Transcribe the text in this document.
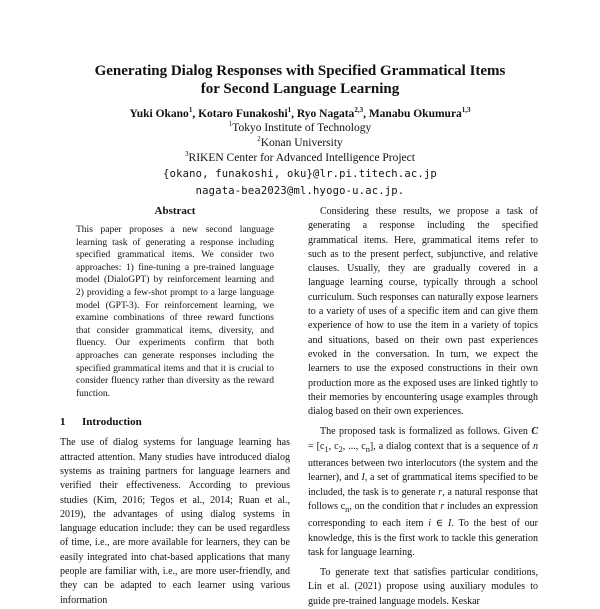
Generating Dialog Responses with Specified Grammatical Items
for Second Language Learning

Yuki Okano$^1$, Kotaro Funakoshi$^1$, Ryo Nagata$^{2,3}$, Manabu Okumura$^{1,3}$
$^1$Tokyo Institute of Technology
$^2$Konan University
$^3$RIKEN Center for Advanced Intelligence Project
{okano, funakoshi, oku}@lr.pi.titech.ac.jp
nagata-bea2023@ml.hyogo-u.ac.jp.

Abstract

This paper proposes a new second language learning task of generating a response including specified grammatical items. We consider two approaches: 1) fine-tuning a pre-trained language model (DialoGPT) by reinforcement learning and 2) providing a few-shot prompt to a large language model (GPT-3). For reinforcement learning, we examine combinations of three reward functions that consider grammatical items, diversity, and fluency. Our experiments confirm that both approaches can generate responses including the specified grammatical items and that it is crucial to consider fluency rather than diversity as the reward function.

1 Introduction

The use of dialog systems for language learning has attracted attention. Many studies have introduced dialog systems as training partners for language learners and verified their effectiveness. According to previous studies (Kim, 2016; Tegos et al., 2014; Ruan et al., 2019), the advantages of using dialog systems in language education include: they can be used regardless of time, i.e., are more available for learners, they can be easily integrated into chat-based applications that many people are familiar with, i.e., are more user-friendly, and they can be adapted to each learner using various information

Considering these results, we propose a task of generating a response including the specified grammatical items. Here, grammatical items refer to such as to the present perfect, subjunctive, and relative clauses. Usually, they are gradually covered in a language learning course, typically through a school curriculum. Such responses can naturally expose learners to a variety of uses of a specific item and can give them experience of how to use the item in a variety of topics and situations, based on their own past experiences evoked in the conversation. In turn, we expect the learners to use the exposed constructions in their own production more as the exposed uses are linked tightly to their memories by encountering usage examples through dialog based on their own experiences.

The proposed task is formalized as follows. Given $C = [c_1$, $c_2$, ..., $c_n$], a dialog context that is a sequence of n utterances between two interlocutors (the system and the learner), and I, a set of grammatical items specified to be included, the task is to generate r, a natural response that follows $c_n$, on the condition that r includes an expression corresponding to each item i ∈ I. To the best of our knowledge, this is the first work to tackle this generation task for language learning.

To generate text that satisfies particular conditions, Lin et al. (2021) propose using auxiliary modules to guide pre-trained language models. Keskar
